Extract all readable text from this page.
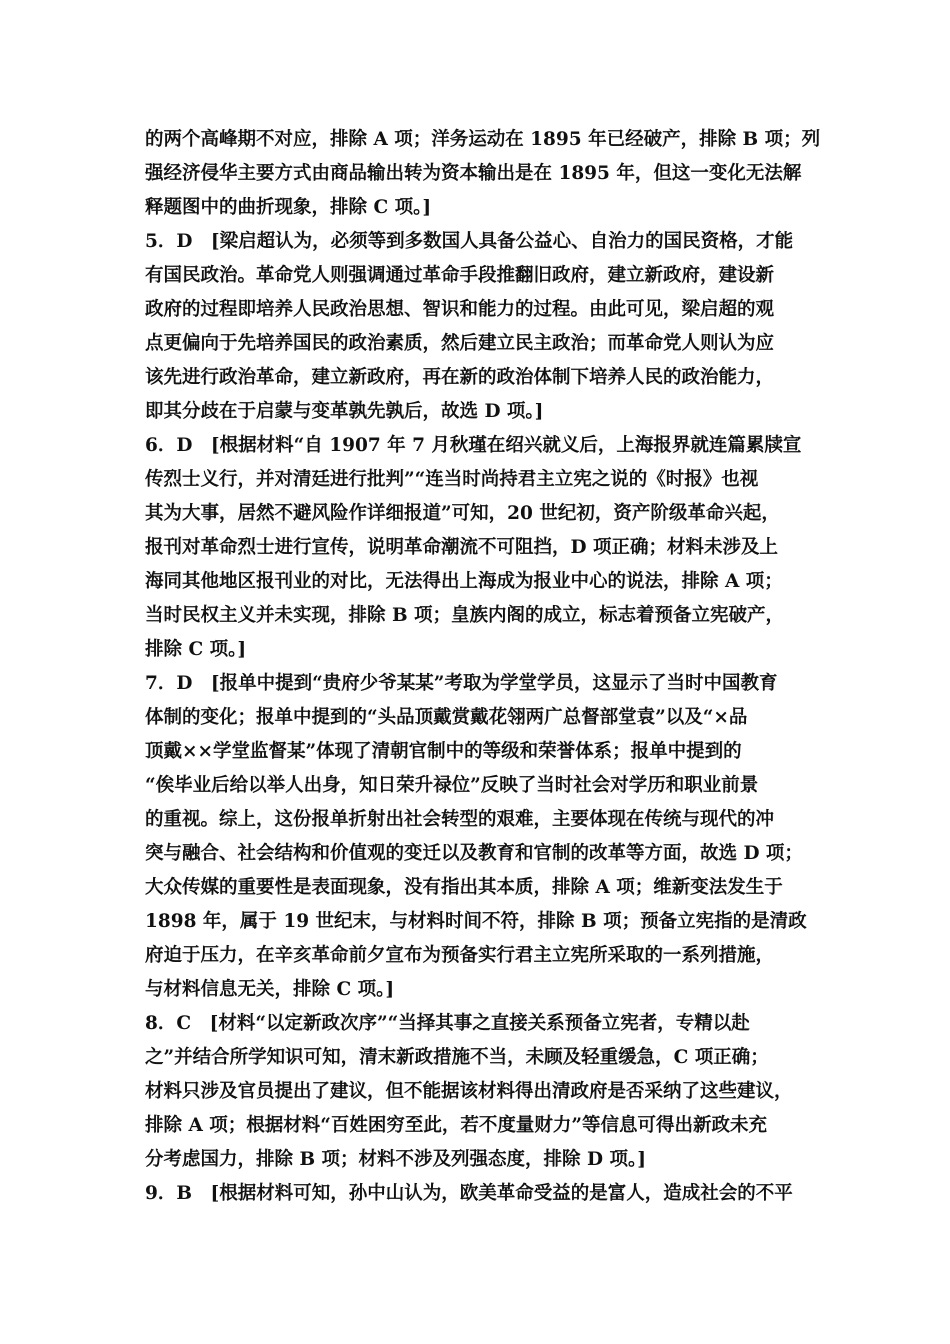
的两个高峰期不对应，排除 A 项；洋务运动在 1895 年已经破产，排除 B 项；列
强经济侵华主要方式由商品输出转为资本输出是在 1895 年，但这一变化无法解
释题图中的曲折现象，排除 C 项。]
5．D　[梁启超认为，必须等到多数国人具备公益心、自治力的国民资格，才能
有国民政治。革命党人则强调通过革命手段推翻旧政府，建立新政府，建设新
政府的过程即培养人民政治思想、智识和能力的过程。由此可见，梁启超的观
点更偏向于先培养国民的政治素质，然后建立民主政治；而革命党人则认为应
该先进行政治革命，建立新政府，再在新的政治体制下培养人民的政治能力，
即其分歧在于启蒙与变革孰先孰后，故选 D 项。]
6．D　[根据材料“自 1907 年 7 月秋瑾在绍兴就义后，上海报界就连篇累牍宣
传烈士义行，并对清廷进行批判”“连当时尚持君主立宪之说的《时报》也视
其为大事，居然不避风险作详细报道”可知，20 世纪初，资产阶级革命兴起，
报刊对革命烈士进行宣传，说明革命潮流不可阻挡，D 项正确；材料未涉及上
海同其他地区报刊业的对比，无法得出上海成为报业中心的说法，排除 A 项；
当时民权主义并未实现，排除 B 项；皇族内阁的成立，标志着预备立宪破产，
排除 C 项。]
7．D　[报单中提到“贵府少爷某某”考取为学堂学员，这显示了当时中国教育
体制的变化；报单中提到的“头品顶戴赏戴花翎两广总督部堂袁”以及“×品
顶戴××学堂监督某”体现了清朝官制中的等级和荣誉体系；报单中提到的
“俟毕业后给以举人出身，知日荣升禄位”反映了当时社会对学历和职业前景
的重视。综上，这份报单折射出社会转型的艰难，主要体现在传统与现代的冲
突与融合、社会结构和价值观的变迁以及教育和官制的改革等方面，故选 D 项；
大众传媒的重要性是表面现象，没有指出其本质，排除 A 项；维新变法发生于
1898 年，属于 19 世纪末，与材料时间不符，排除 B 项；预备立宪指的是清政
府迫于压力，在辛亥革命前夕宣布为预备实行君主立宪所采取的一系列措施，
与材料信息无关，排除 C 项。]
8．C　[材料“以定新政次序”“当择其事之直接关系预备立宪者，专精以赴
之”并结合所学知识可知，清末新政措施不当，未顾及轻重缓急，C 项正确；
材料只涉及官员提出了建议，但不能据该材料得出清政府是否采纳了这些建议，
排除 A 项；根据材料“百姓困穷至此，若不度量财力”等信息可得出新政未充
分考虑国力，排除 B 项；材料不涉及列强态度，排除 D 项。]
9．B　[根据材料可知，孙中山认为，欧美革命受益的是富人，造成社会的不平
